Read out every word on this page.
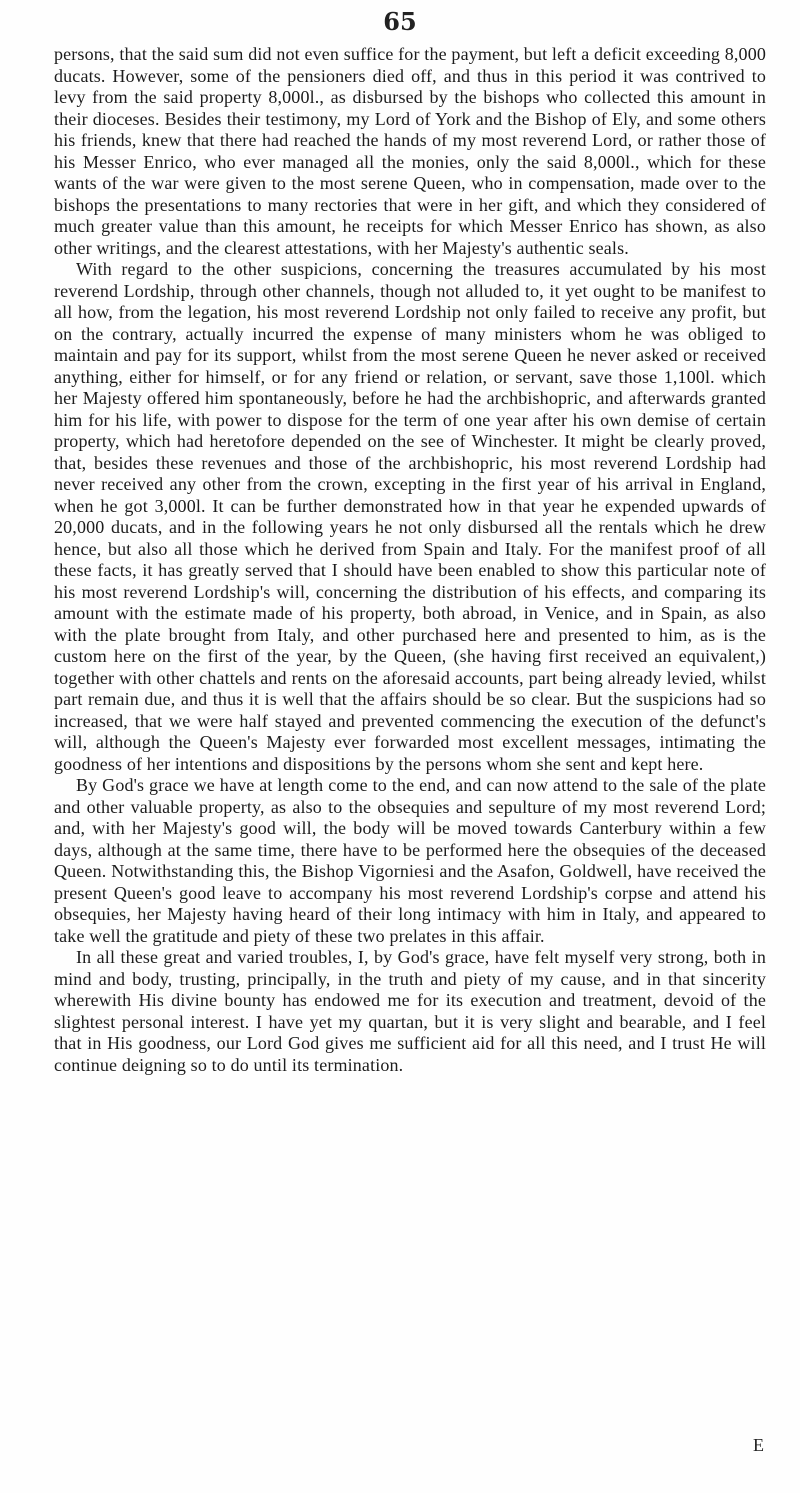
65

persons, that the said sum did not even suffice for the payment, but left a deficit exceeding 8,000 ducats. However, some of the pensioners died off, and thus in this period it was contrived to levy from the said property 8,000l., as disbursed by the bishops who collected this amount in their dioceses. Besides their testimony, my Lord of York and the Bishop of Ely, and some others his friends, knew that there had reached the hands of my most reverend Lord, or rather those of his Messer Enrico, who ever managed all the monies, only the said 8,000l., which for these wants of the war were given to the most serene Queen, who in compensation, made over to the bishops the presentations to many rectories that were in her gift, and which they considered of much greater value than this amount, he receipts for which Messer Enrico has shown, as also other writings, and the clearest attestations, with her Majesty's authentic seals.

With regard to the other suspicions, concerning the treasures accumulated by his most reverend Lordship, through other channels, though not alluded to, it yet ought to be manifest to all how, from the legation, his most reverend Lordship not only failed to receive any profit, but on the contrary, actually incurred the expense of many ministers whom he was obliged to maintain and pay for its support, whilst from the most serene Queen he never asked or received anything, either for himself, or for any friend or relation, or servant, save those 1,100l. which her Majesty offered him spontaneously, before he had the archbishopric, and afterwards granted him for his life, with power to dispose for the term of one year after his own demise of certain property, which had heretofore depended on the see of Winchester. It might be clearly proved, that, besides these revenues and those of the archbishopric, his most reverend Lordship had never received any other from the crown, excepting in the first year of his arrival in England, when he got 3,000l. It can be further demonstrated how in that year he expended upwards of 20,000 ducats, and in the following years he not only disbursed all the rentals which he drew hence, but also all those which he derived from Spain and Italy. For the manifest proof of all these facts, it has greatly served that I should have been enabled to show this particular note of his most reverend Lordship's will, concerning the distribution of his effects, and comparing its amount with the estimate made of his property, both abroad, in Venice, and in Spain, as also with the plate brought from Italy, and other purchased here and presented to him, as is the custom here on the first of the year, by the Queen, (she having first received an equivalent,) together with other chattels and rents on the aforesaid accounts, part being already levied, whilst part remain due, and thus it is well that the affairs should be so clear. But the suspicions had so increased, that we were half stayed and prevented commencing the execution of the defunct's will, although the Queen's Majesty ever forwarded most excellent messages, intimating the goodness of her intentions and dispositions by the persons whom she sent and kept here.

By God's grace we have at length come to the end, and can now attend to the sale of the plate and other valuable property, as also to the obsequies and sepulture of my most reverend Lord; and, with her Majesty's good will, the body will be moved towards Canterbury within a few days, although at the same time, there have to be performed here the obsequies of the deceased Queen. Notwithstanding this, the Bishop Vigorniesi and the Asafon, Goldwell, have received the present Queen's good leave to accompany his most reverend Lordship's corpse and attend his obsequies, her Majesty having heard of their long intimacy with him in Italy, and appeared to take well the gratitude and piety of these two prelates in this affair.

In all these great and varied troubles, I, by God's grace, have felt myself very strong, both in mind and body, trusting, principally, in the truth and piety of my cause, and in that sincerity wherewith His divine bounty has endowed me for its execution and treatment, devoid of the slightest personal interest. I have yet my quartan, but it is very slight and bearable, and I feel that in His goodness, our Lord God gives me sufficient aid for all this need, and I trust He will continue deigning so to do until its termination.

E
